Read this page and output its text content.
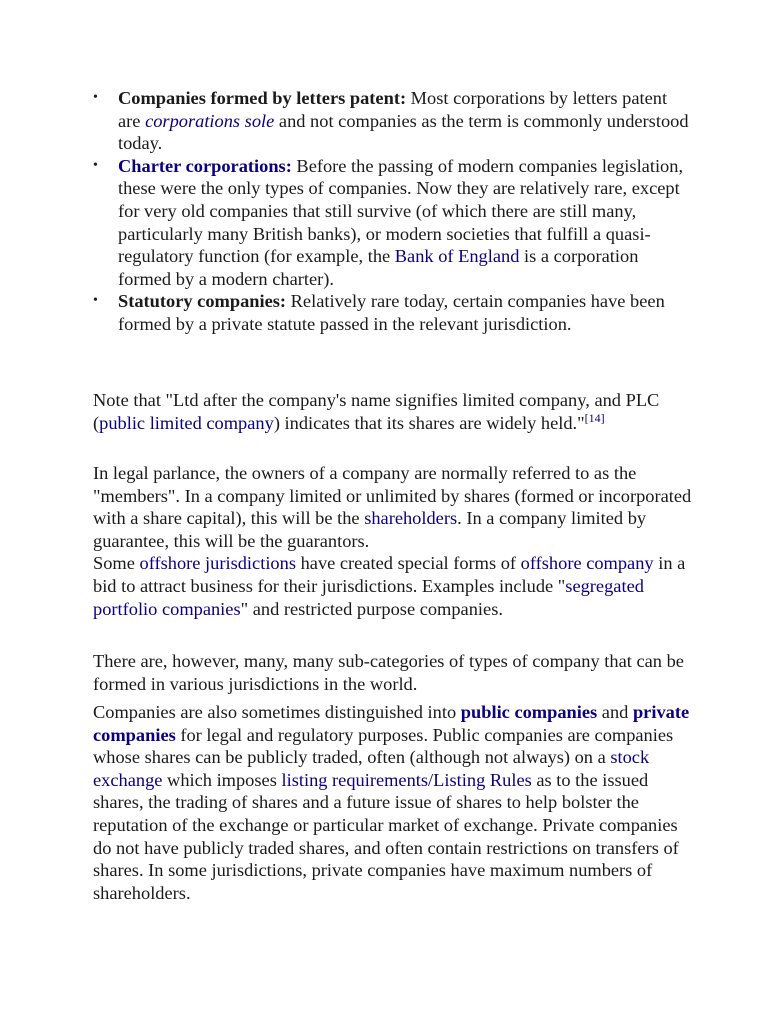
• Companies formed by letters patent: Most corporations by letters patent are corporations sole and not companies as the term is commonly understood today.
• Charter corporations: Before the passing of modern companies legislation, these were the only types of companies. Now they are relatively rare, except for very old companies that still survive (of which there are still many, particularly many British banks), or modern societies that fulfill a quasi-regulatory function (for example, the Bank of England is a corporation formed by a modern charter).
• Statutory companies: Relatively rare today, certain companies have been formed by a private statute passed in the relevant jurisdiction.

Note that "Ltd after the company's name signifies limited company, and PLC (public limited company) indicates that its shares are widely held."[14]

In legal parlance, the owners of a company are normally referred to as the "members". In a company limited or unlimited by shares (formed or incorporated with a share capital), this will be the shareholders. In a company limited by guarantee, this will be the guarantors.
Some offshore jurisdictions have created special forms of offshore company in a bid to attract business for their jurisdictions. Examples include "segregated portfolio companies" and restricted purpose companies.

There are, however, many, many sub-categories of types of company that can be formed in various jurisdictions in the world.

Companies are also sometimes distinguished into public companies and private companies for legal and regulatory purposes. Public companies are companies whose shares can be publicly traded, often (although not always) on a stock exchange which imposes listing requirements/Listing Rules as to the issued shares, the trading of shares and a future issue of shares to help bolster the reputation of the exchange or particular market of exchange. Private companies do not have publicly traded shares, and often contain restrictions on transfers of shares. In some jurisdictions, private companies have maximum numbers of shareholders.
